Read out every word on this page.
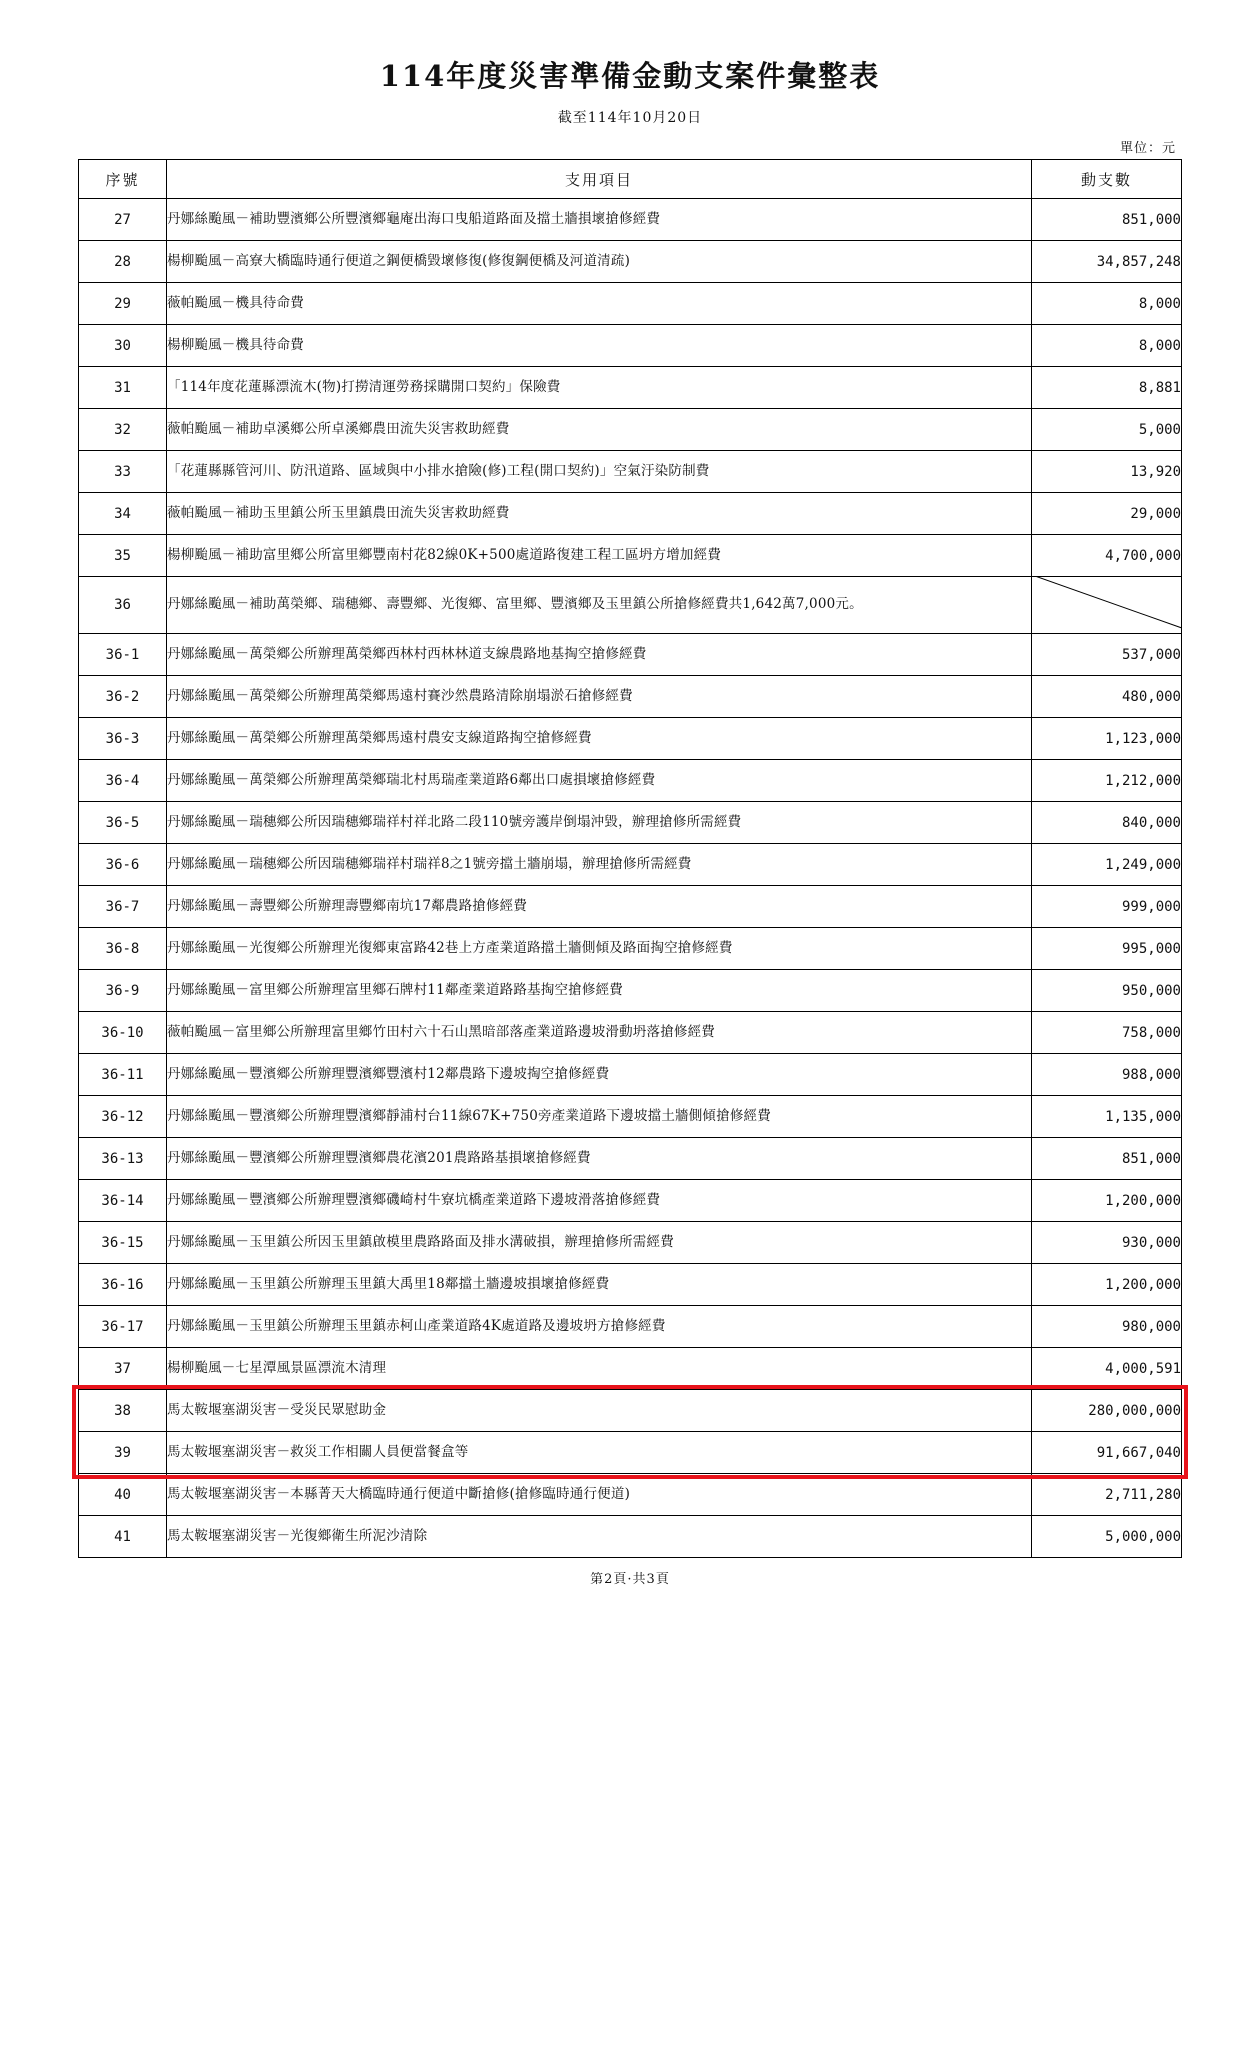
114年度災害準備金動支案件彙整表
截至114年10月20日
單位：元
序號	支用項目	動支數
27	丹娜絲颱風－補助豐濱鄉公所豐濱鄉龜庵出海口曳船道路面及擋土牆損壞搶修經費	851,000
28	楊柳颱風－高寮大橋臨時通行便道之鋼便橋毀壞修復(修復鋼便橋及河道清疏)	34,857,248
29	薇帕颱風－機具待命費	8,000
30	楊柳颱風－機具待命費	8,000
31	「114年度花蓮縣漂流木(物)打撈清運勞務採購開口契約」保險費	8,881
32	薇帕颱風－補助卓溪鄉公所卓溪鄉農田流失災害救助經費	5,000
33	「花蓮縣縣管河川、防汛道路、區域與中小排水搶險(修)工程(開口契約)」空氣汙染防制費	13,920
34	薇帕颱風－補助玉里鎮公所玉里鎮農田流失災害救助經費	29,000
35	楊柳颱風－補助富里鄉公所富里鄉豐南村花82線0K+500處道路復建工程工區坍方增加經費	4,700,000
36	丹娜絲颱風－補助萬榮鄉、瑞穗鄉、壽豐鄉、光復鄉、富里鄉、豐濱鄉及玉里鎮公所搶修經費共1,642萬7,000元。	
36-1	丹娜絲颱風－萬榮鄉公所辦理萬榮鄉西林村西林林道支線農路地基掏空搶修經費	537,000
36-2	丹娜絲颱風－萬榮鄉公所辦理萬榮鄉馬遠村賽沙然農路清除崩塌淤石搶修經費	480,000
36-3	丹娜絲颱風－萬榮鄉公所辦理萬榮鄉馬遠村農安支線道路掏空搶修經費	1,123,000
36-4	丹娜絲颱風－萬榮鄉公所辦理萬榮鄉瑞北村馬瑞產業道路6鄰出口處損壞搶修經費	1,212,000
36-5	丹娜絲颱風－瑞穗鄉公所因瑞穗鄉瑞祥村祥北路二段110號旁護岸倒塌沖毀，辦理搶修所需經費	840,000
36-6	丹娜絲颱風－瑞穗鄉公所因瑞穗鄉瑞祥村瑞祥8之1號旁擋土牆崩塌，辦理搶修所需經費	1,249,000
36-7	丹娜絲颱風－壽豐鄉公所辦理壽豐鄉南坑17鄰農路搶修經費	999,000
36-8	丹娜絲颱風－光復鄉公所辦理光復鄉東富路42巷上方產業道路擋土牆側傾及路面掏空搶修經費	995,000
36-9	丹娜絲颱風－富里鄉公所辦理富里鄉石牌村11鄰產業道路路基掏空搶修經費	950,000
36-10	薇帕颱風－富里鄉公所辦理富里鄉竹田村六十石山黑暗部落產業道路邊坡滑動坍落搶修經費	758,000
36-11	丹娜絲颱風－豐濱鄉公所辦理豐濱鄉豐濱村12鄰農路下邊坡掏空搶修經費	988,000
36-12	丹娜絲颱風－豐濱鄉公所辦理豐濱鄉靜浦村台11線67K+750旁產業道路下邊坡擋土牆側傾搶修經費	1,135,000
36-13	丹娜絲颱風－豐濱鄉公所辦理豐濱鄉農花濱201農路路基損壞搶修經費	851,000
36-14	丹娜絲颱風－豐濱鄉公所辦理豐濱鄉磯崎村牛寮坑橋產業道路下邊坡滑落搶修經費	1,200,000
36-15	丹娜絲颱風－玉里鎮公所因玉里鎮啟模里農路路面及排水溝破損，辦理搶修所需經費	930,000
36-16	丹娜絲颱風－玉里鎮公所辦理玉里鎮大禹里18鄰擋土牆邊坡損壞搶修經費	1,200,000
36-17	丹娜絲颱風－玉里鎮公所辦理玉里鎮赤柯山產業道路4K處道路及邊坡坍方搶修經費	980,000
37	楊柳颱風－七星潭風景區漂流木清理	4,000,591
38	馬太鞍堰塞湖災害－受災民眾慰助金	280,000,000
39	馬太鞍堰塞湖災害－救災工作相關人員便當餐盒等	91,667,040
40	馬太鞍堰塞湖災害－本縣菁天大橋臨時通行便道中斷搶修(搶修臨時通行便道)	2,711,280
41	馬太鞍堰塞湖災害－光復鄉衛生所泥沙清除	5,000,000
第2頁·共3頁
